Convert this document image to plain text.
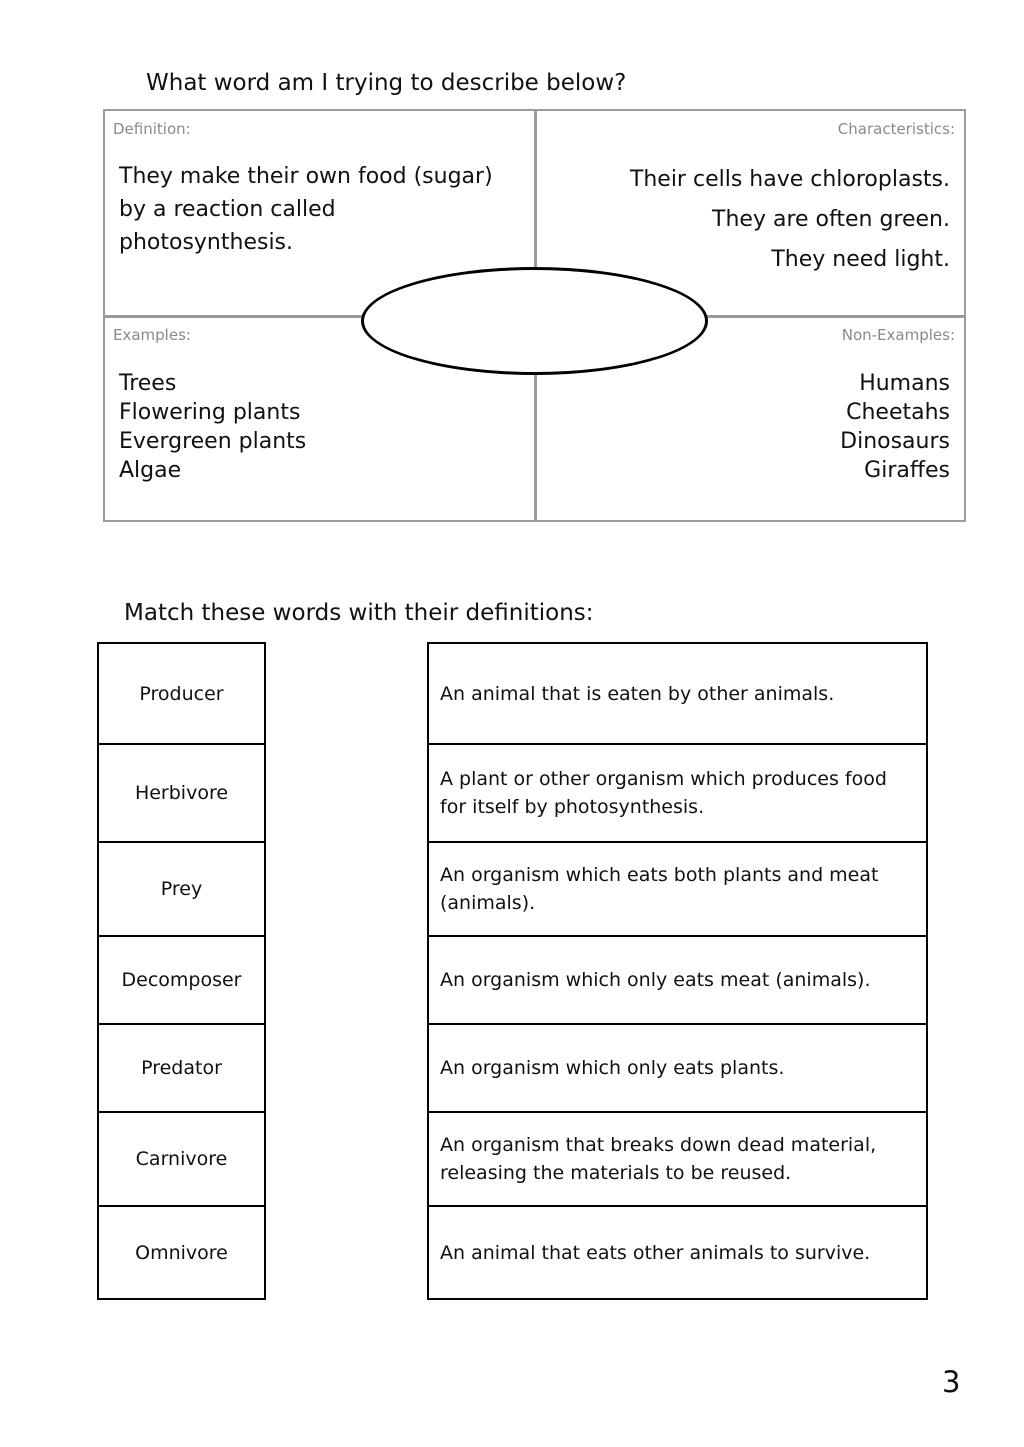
What word am I trying to describe below?
Definition:
They make their own food (sugar)
by a reaction called
photosynthesis.
Characteristics:
Their cells have chloroplasts.
They are often green.
They need light.
Examples:
Trees
Flowering plants
Evergreen plants
Algae
Non-Examples:
Humans
Cheetahs
Dinosaurs
Giraffes
Match these words with their definitions:
Producer
Herbivore
Prey
Decomposer
Predator
Carnivore
Omnivore
An animal that is eaten by other animals.
A plant or other organism which produces food for itself by photosynthesis.
An organism which eats both plants and meat (animals).
An organism which only eats meat (animals).
An organism which only eats plants.
An organism that breaks down dead material, releasing the materials to be reused.
An animal that eats other animals to survive.
3
